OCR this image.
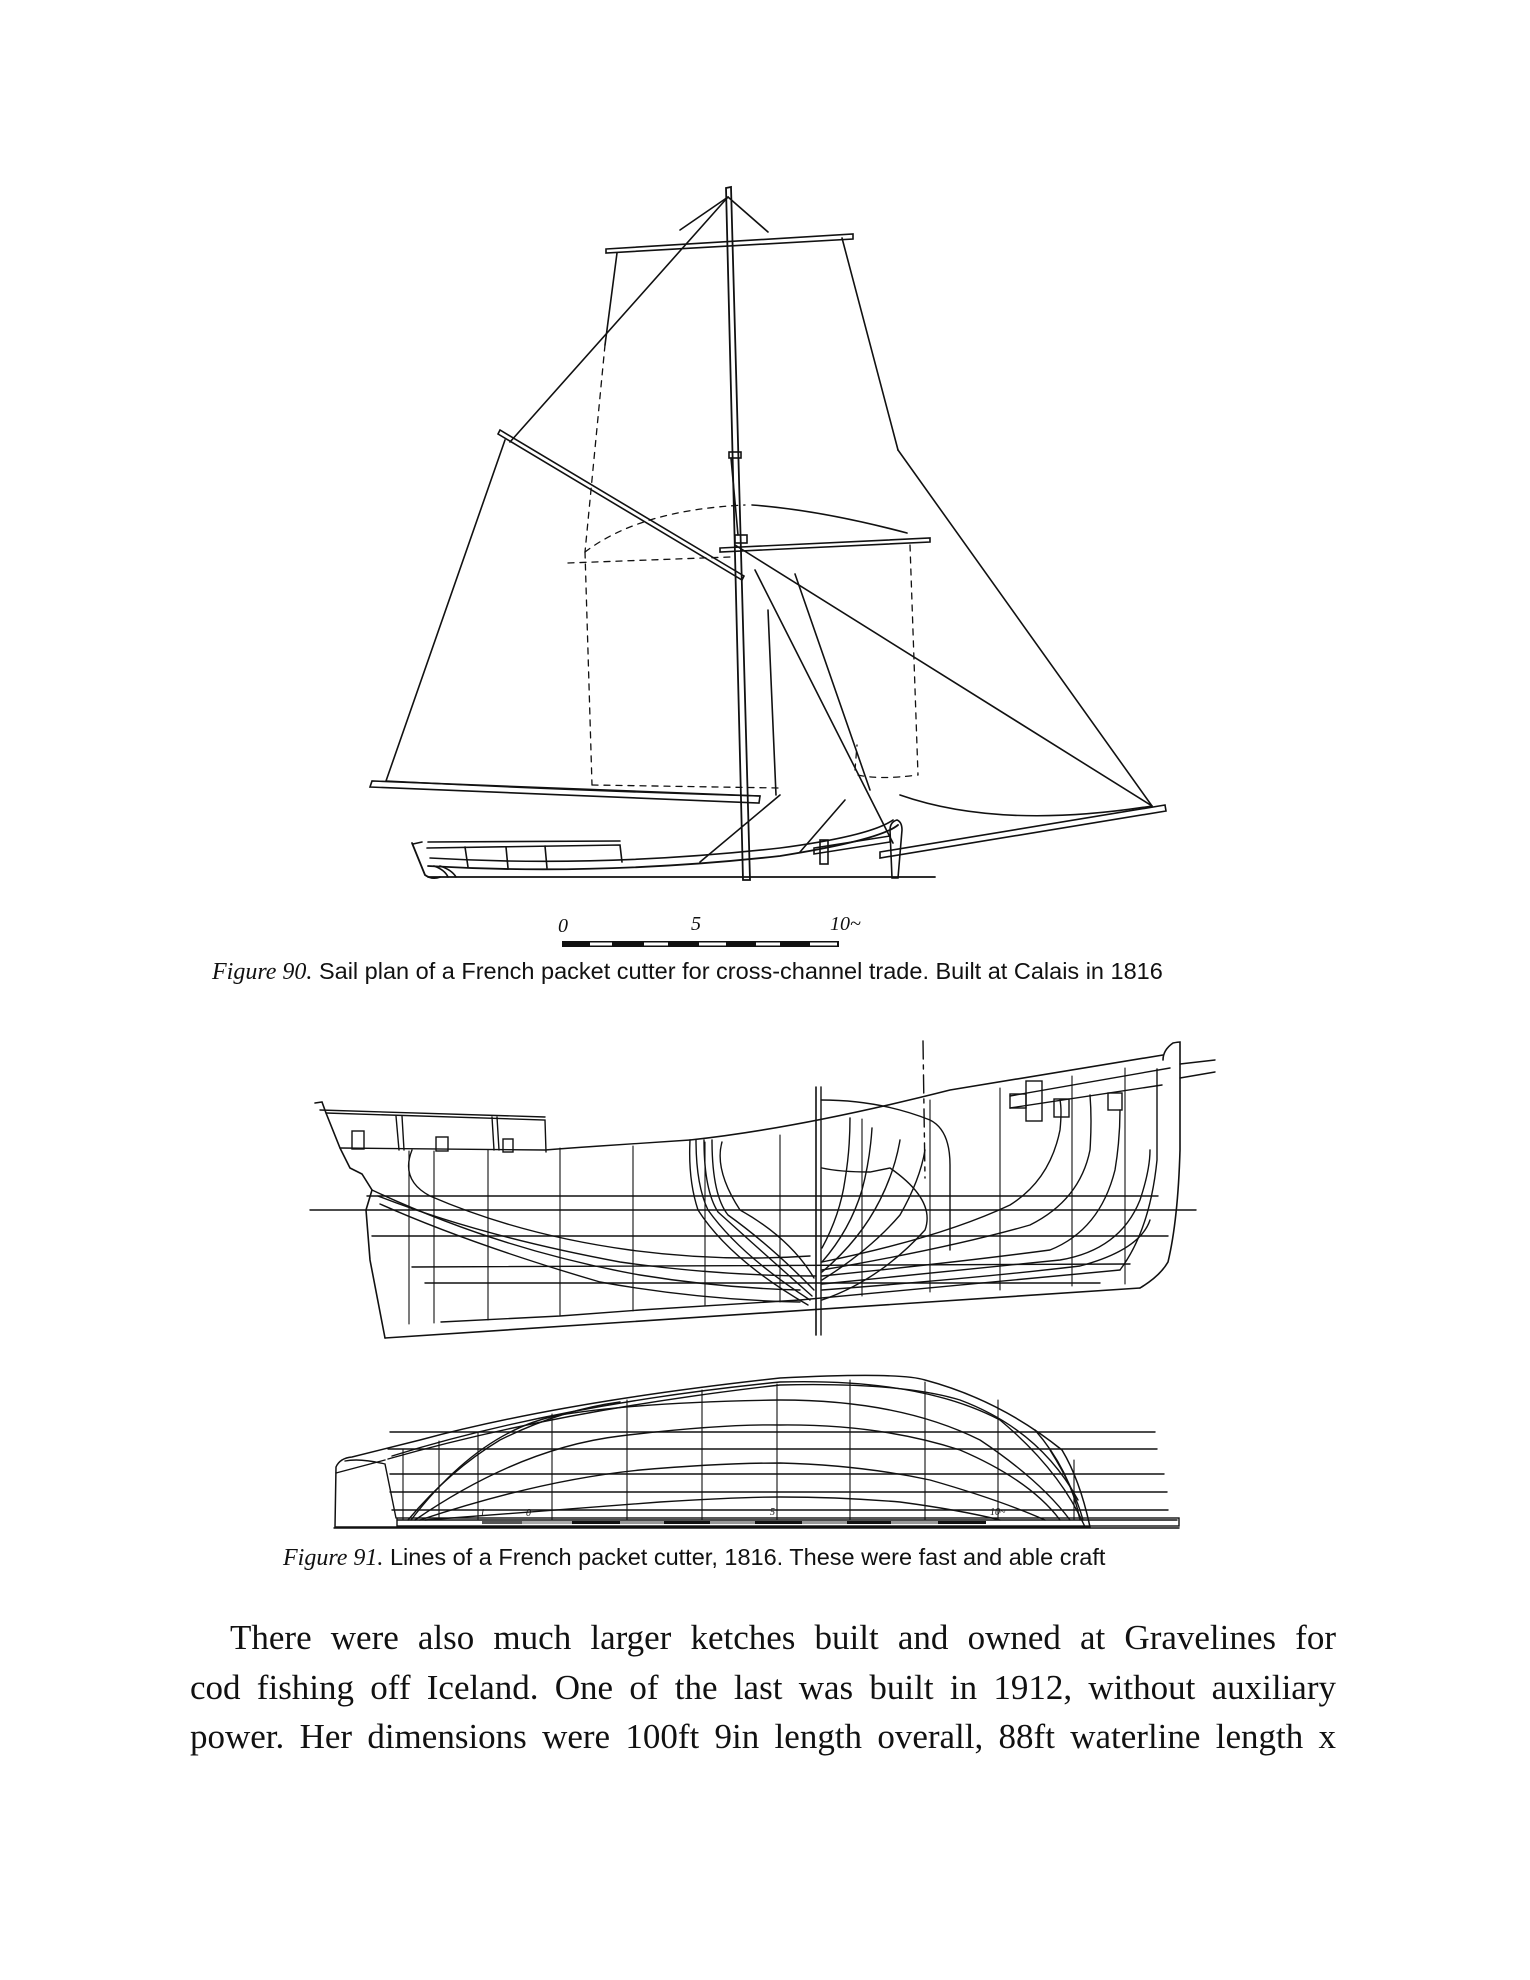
0	5	10~
Figure 90. Sail plan of a French packet cutter for cross-channel trade. Built at Calais in 1816
1	0	5	10~
Figure 91. Lines of a French packet cutter, 1816. These were fast and able craft
There were also much larger ketches built and owned at Gravelines for
cod fishing off Iceland. One of the last was built in 1912, without auxiliary
power. Her dimensions were 100ft 9in length overall, 88ft waterline length x
